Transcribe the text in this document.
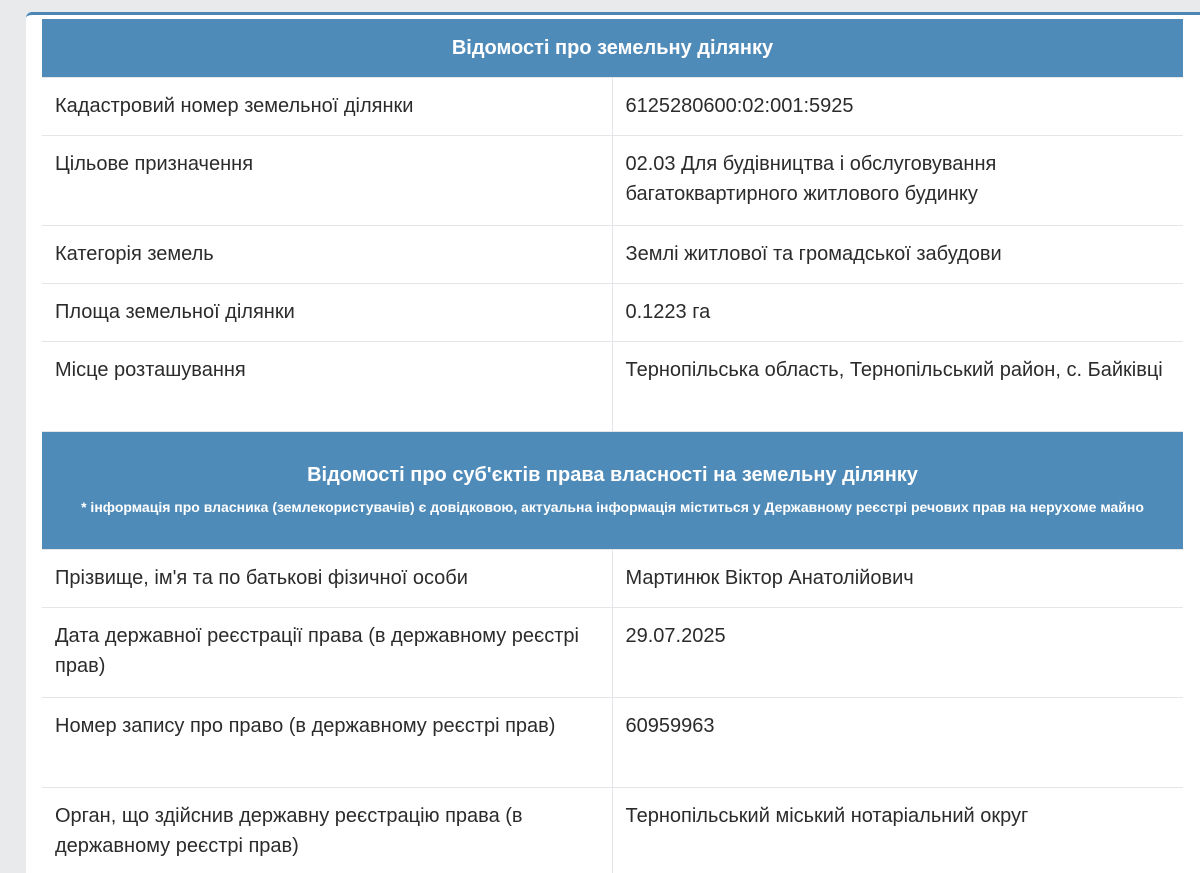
Відомості про земельну ділянку	
Кадастровий номер земельної ділянки	6125280600:02:001:5925
Цільове призначення	02.03 Для будівництва і обслуговування багатоквартирного житлового будинку
Категорія земель	Землі житлової та громадської забудови
Площа земельної ділянки	0.1223 га
Місце розташування	Тернопільська область, Тернопільський район, с. Байківці

Відомості про суб'єктів права власності на земельну ділянку
* інформація про власника (землекористувачів) є довідковою, актуальна інформація міститься у Державному реєстрі речових прав на нерухоме майно	

Прізвище, ім'я та по батькові фізичної особи	Мартинюк Віктор Анатолійович
Дата державної реєстрації права (в державному реєстрі прав)	29.07.2025
Номер запису про право (в державному реєстрі прав)	60959963
Орган, що здійснив державну реєстрацію права (в державному реєстрі прав)	Тернопільський міський нотаріальний округ
